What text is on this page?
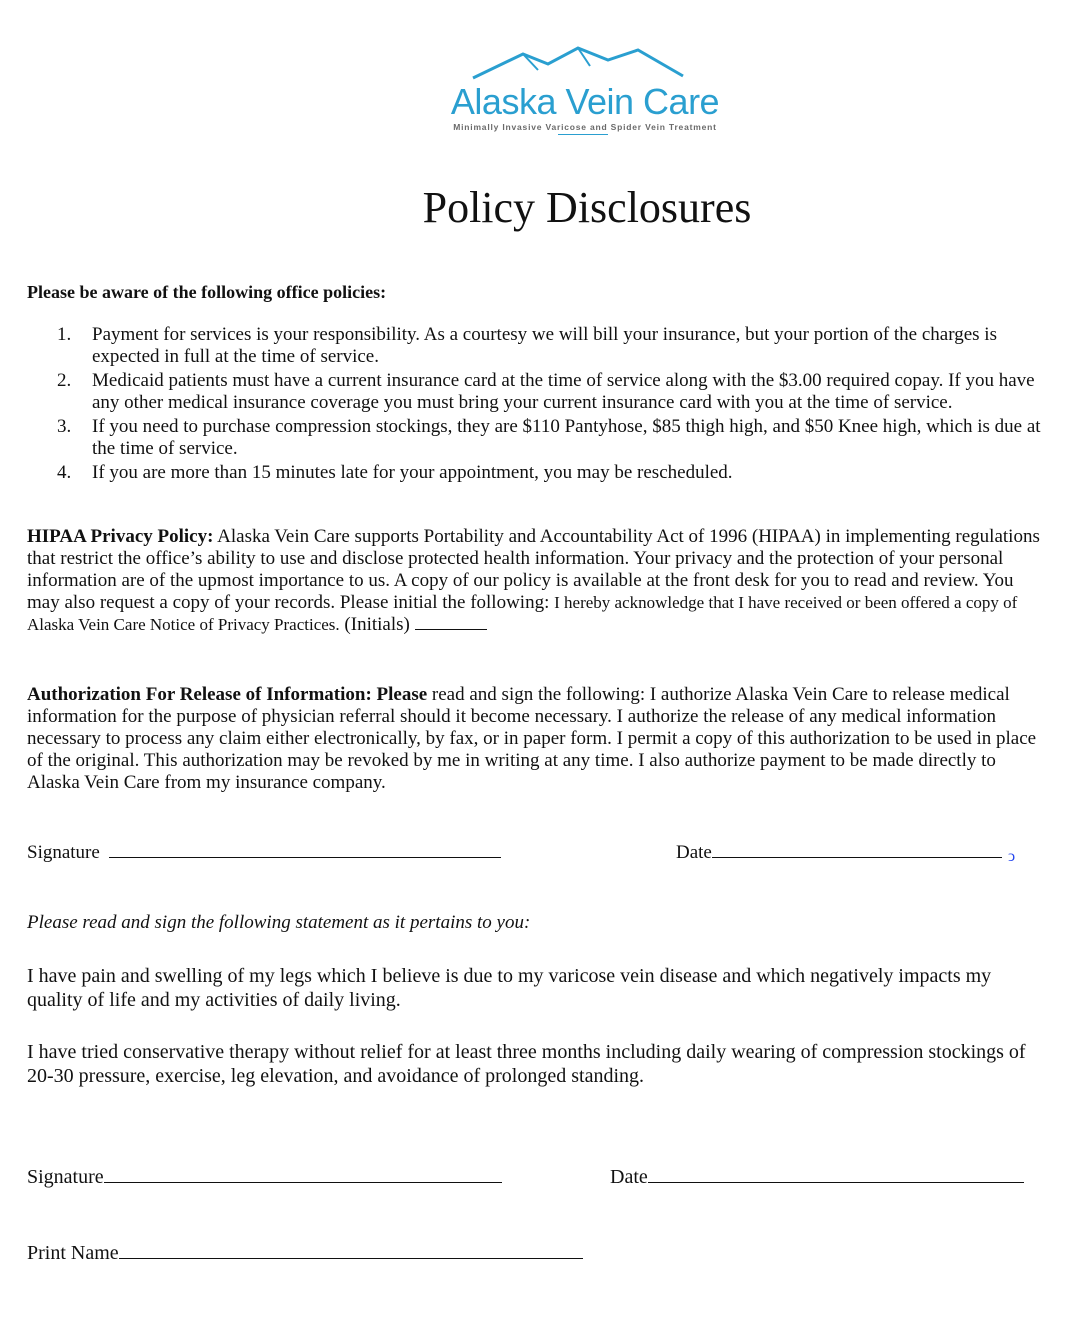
Alaska Vein Care
Minimally Invasive Varicose and Spider Vein Treatment
Policy Disclosures
Please be aware of the following office policies:
1. Payment for services is your responsibility. As a courtesy we will bill your insurance, but your portion of the charges is expected in full at the time of service.
2. Medicaid patients must have a current insurance card at the time of service along with the $3.00 required copay. If you have any other medical insurance coverage you must bring your current insurance card with you at the time of service.
3. If you need to purchase compression stockings, they are $110 Pantyhose, $85 thigh high, and $50 Knee high, which is due at the time of service.
4. If you are more than 15 minutes late for your appointment, you may be rescheduled.

HIPAA Privacy Policy: Alaska Vein Care supports Portability and Accountability Act of 1996 (HIPAA) in implementing regulations that restrict the office’s ability to use and disclose protected health information. Your privacy and the protection of your personal information are of the upmost importance to us. A copy of our policy is available at the front desk for you to read and review. You may also request a copy of your records. Please initial the following: I hereby acknowledge that I have received or been offered a copy of Alaska Vein Care Notice of Privacy Practices. (Initials)

Authorization For Release of Information: Please read and sign the following: I authorize Alaska Vein Care to release medical information for the purpose of physician referral should it become necessary. I authorize the release of any medical information necessary to process any claim either electronically, by fax, or in paper form. I permit a copy of this authorization to be used in place of the original. This authorization may be revoked by me in writing at any time. I also authorize payment to be made directly to Alaska Vein Care from my insurance company.

Signature	Date	ͻ
Please read and sign the following statement as it pertains to you:

I have pain and swelling of my legs which I believe is due to my varicose vein disease and which negatively impacts my quality of life and my activities of daily living.

I have tried conservative therapy without relief for at least three months including daily wearing of compression stockings of 20-30 pressure, exercise, leg elevation, and avoidance of prolonged standing.

Signature	Date
Print Name
